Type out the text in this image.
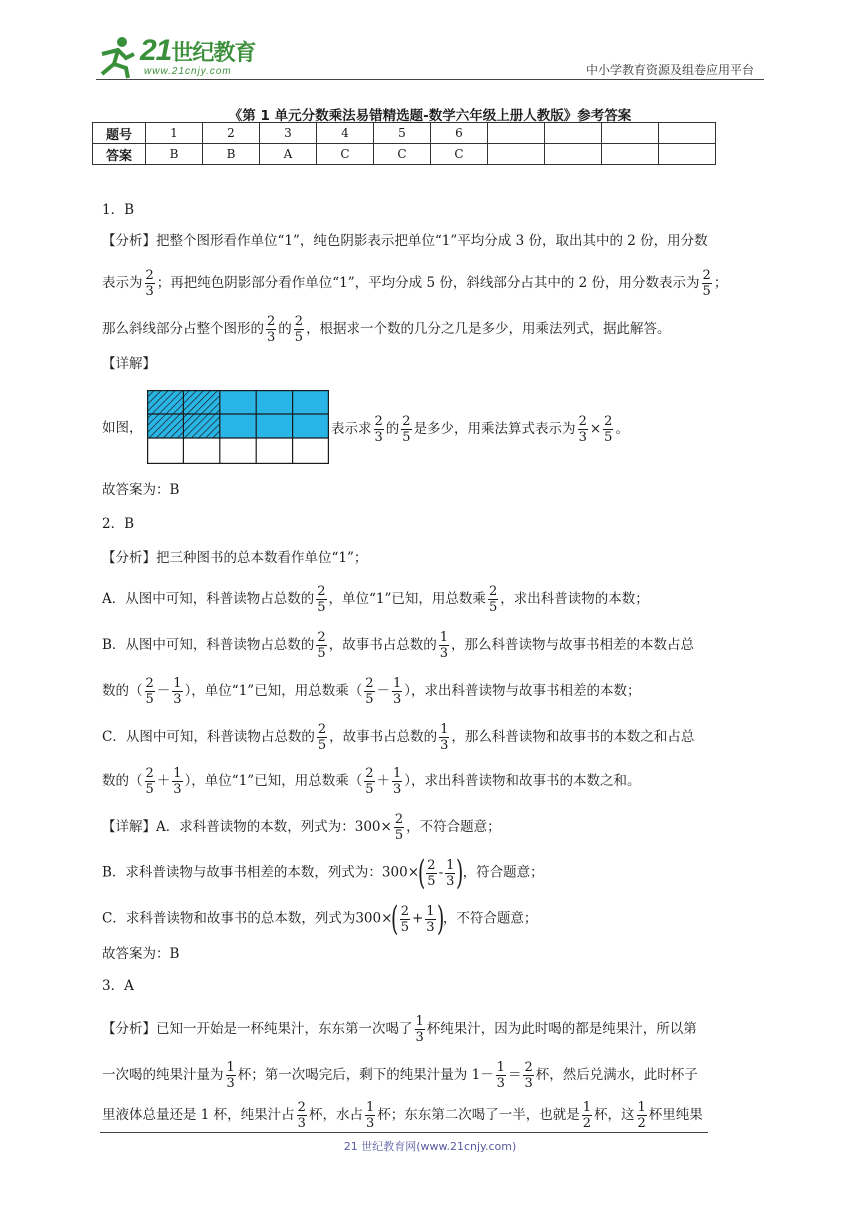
21世纪教育
www.21cnjy.com	中小学教育资源及组卷应用平台
《第 1 单元分数乘法易错精选题-数学六年级上册人教版》参考答案
题号	1	2	3	4	5	6				
答案	B	B	A	C	C	C				
1．B
【分析】把整个图形看作单位“1”，纯色阴影表示把单位“1”平均分成 3 份，取出其中的 2 份，用分数
表示为 $\frac{2}{3}$ ；再把纯色阴影部分看作单位“1”，平均分成 5 份，斜线部分占其中的 2 份，用分数表示为 $\frac{2}{5}$ ；
那么斜线部分占整个图形的 $\frac{2}{3}$ 的 $\frac{2}{5}$ ，根据求一个数的几分之几是多少，用乘法列式，据此解答。
【详解】
如图，	表示求 $\frac{2}{3}$ 的 $\frac{2}{5}$ 是多少，用乘法算式表示为 $\frac{2}{3} \times \frac{2}{5}$ 。
故答案为：B
2．B
【分析】把三种图书的总本数看作单位“1”；
A．从图中可知，科普读物占总数的 $\frac{2}{5}$ ，单位“1”已知，用总数乘 $\frac{2}{5}$ ，求出科普读物的本数；
B．从图中可知，科普读物占总数的 $\frac{2}{5}$ ，故事书占总数的 $\frac{1}{3}$ ，那么科普读物与故事书相差的本数占总
数的（ $\frac{2}{5} - \frac{1}{3}$ ），单位“1”已知，用总数乘（ $\frac{2}{5} - \frac{1}{3}$ ），求出科普读物与故事书相差的本数；
C．从图中可知，科普读物占总数的 $\frac{2}{5}$ ，故事书占总数的 $\frac{1}{3}$ ，那么科普读物和故事书的本数之和占总
数的（ $\frac{2}{5} + \frac{1}{3}$ ），单位“1”已知，用总数乘（ $\frac{2}{5} + \frac{1}{3}$ ），求出科普读物和故事书的本数之和。
【详解】A．求科普读物的本数，列式为：$300\times \frac{2}{5}$ ，不符合题意；
B．求科普读物与故事书相差的本数，列式为：$300\times( \frac{2}{5} - \frac{1}{3}$ )，符合题意；
C．求科普读物和故事书的总本数，列式为$300\times( \frac{2}{5} + \frac{1}{3}$ )，不符合题意；
故答案为：B
3．A
【分析】已知一开始是一杯纯果汁，东东第一次喝了 $\frac{1}{3}$ 杯纯果汁，因为此时喝的都是纯果汁，所以第
一次喝的纯果汁量为 $\frac{1}{3}$ 杯；第一次喝完后，剩下的纯果汁量为 $1- \frac{1}{3} = \frac{2}{3}$ 杯，然后兑满水，此时杯子
里液体总量还是 1 杯，纯果汁占 $\frac{2}{3}$ 杯，水占 $\frac{1}{3}$ 杯；东东第二次喝了一半，也就是 $\frac{1}{2}$ 杯，这 $\frac{1}{2}$ 杯里纯果
21 世纪教育网(www.21cnjy.com)
